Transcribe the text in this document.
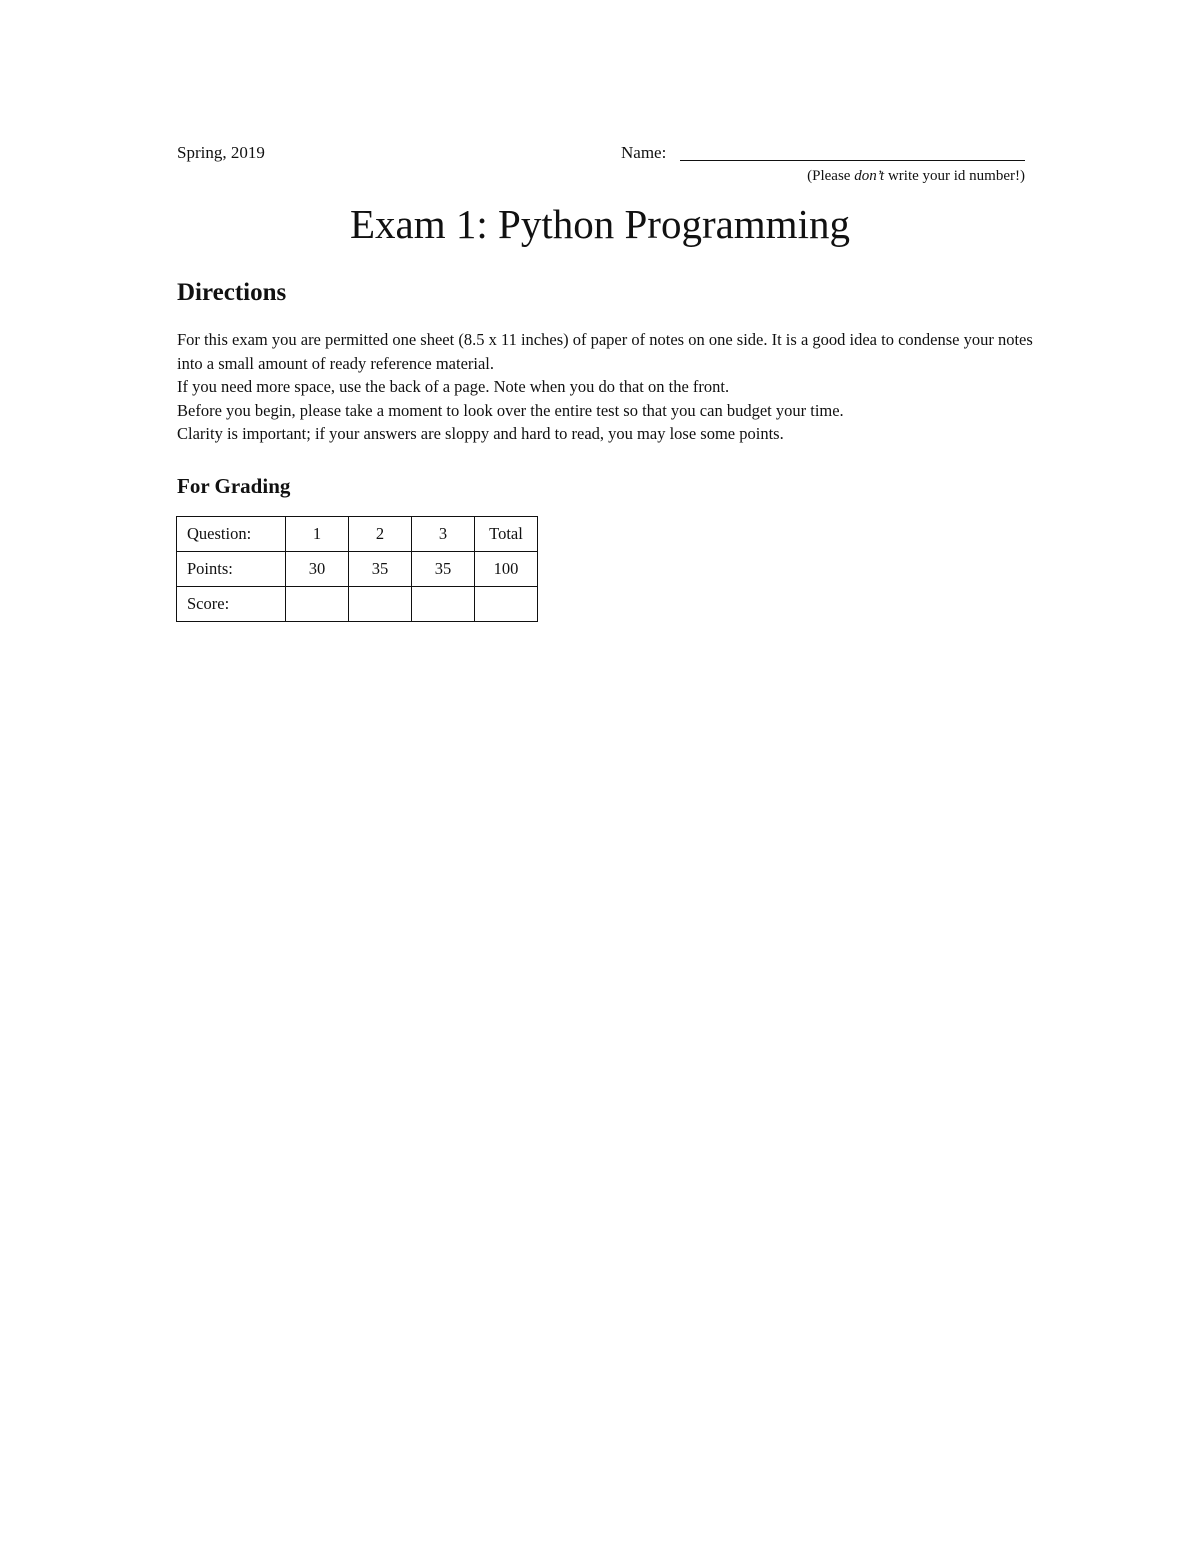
Spring, 2019	Name:
(Please don’t write your id number!)
Exam 1: Python Programming
Directions

For this exam you are permitted one sheet (8.5 x 11 inches) of paper of notes on one side. It is a good idea to condense your notes into a small amount of ready reference material.

If you need more space, use the back of a page. Note when you do that on the front.

Before you begin, please take a moment to look over the entire test so that you can budget your time.

Clarity is important; if your answers are sloppy and hard to read, you may lose some points.

For Grading
Question:	1	2	3	Total
Points:	30	35	35	100
Score:				
